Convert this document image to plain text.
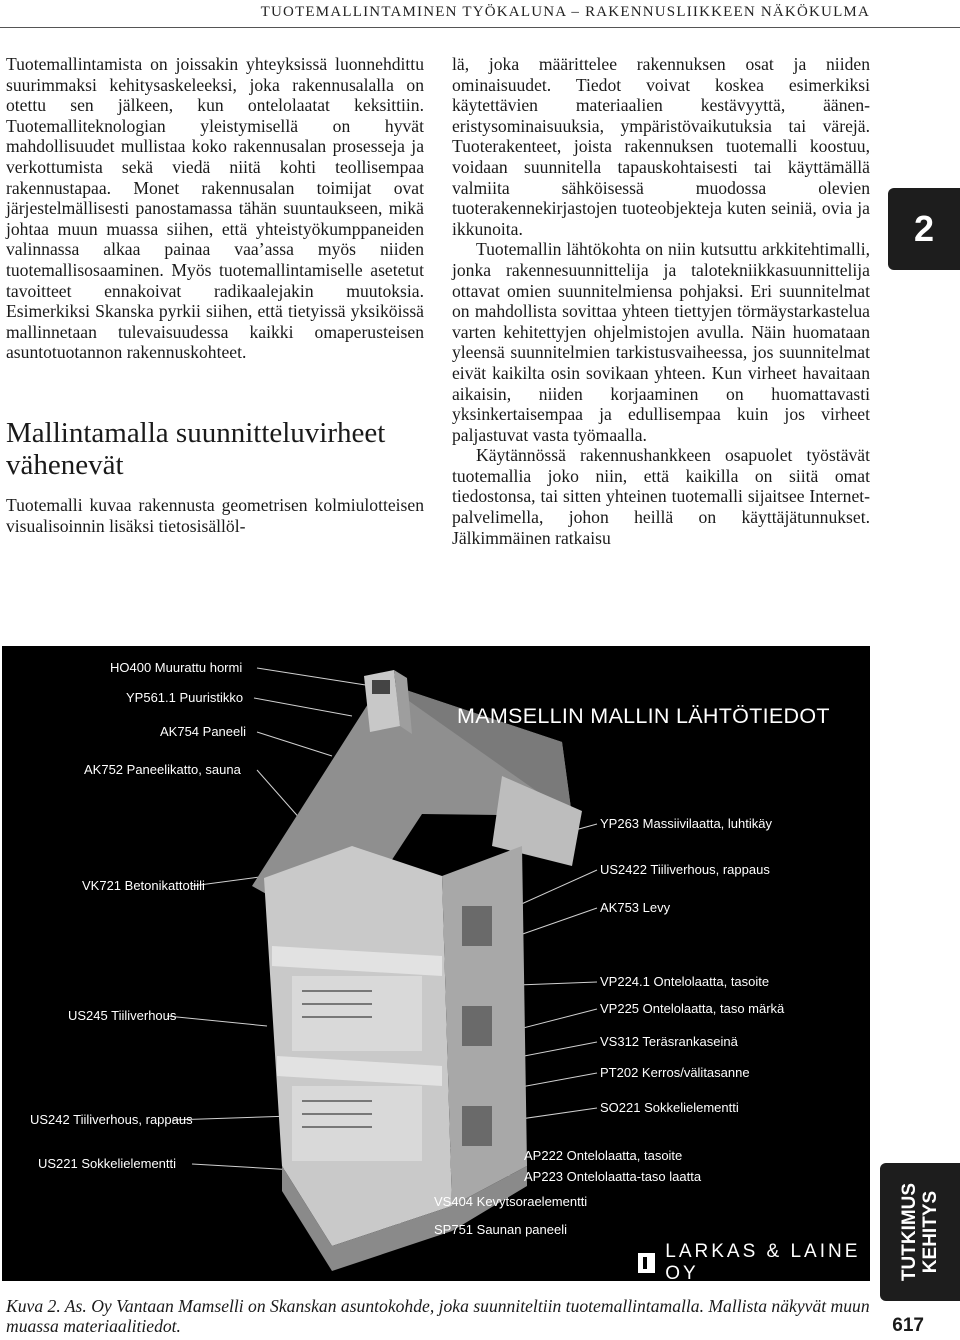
TUOTEMALLINTAMINEN TYÖKALUNA – RAKENNUSLIIKKEEN NÄKÖKULMA

Tuotemallintamista on joissakin yhteyksissä luonnehdittu suurimmaksi kehitysaskeleeksi, joka rakennusalalla on otettu sen jälkeen, kun ontelolaatat keksittiin. Tuotemalliteknologian yleistymisellä on hyvät mahdollisuudet mullistaa koko rakennusalan prosesseja ja verkottumista sekä viedä niitä kohti teollisempaa rakennustapaa. Monet rakennusalan toimijat ovat järjestelmällisesti panostamassa tähän suuntaukseen, mikä johtaa muun muassa siihen, että yhteistyökumppaneiden valinnassa alkaa painaa vaa’assa myös niiden tuotemallisosaaminen. Myös tuotemallintamiselle asetetut tavoitteet ennakoivat radikaalejakin muutoksia. Esimerkiksi Skanska pyrkii siihen, että tietyissä yksiköissä mallinnetaan tulevaisuudessa kaikki omaperusteisen asuntotuotannon rakennuskohteet.

Mallintamalla suunnitteluvirheet vähenevät

Tuotemalli kuvaa rakennusta geometrisen kolmiulotteisen visualisoinnin lisäksi tietosisällöl-

lä, joka määrittelee rakennuksen osat ja niiden ominaisuudet. Tiedot voivat koskea esimerkiksi käytettävien materiaalien kestävyyttä, äänen-eristysominaisuuksia, ympäristövaikutuksia tai värejä. Tuoterakenteet, joista rakennuksen tuotemalli koostuu, voidaan suunnitella tapauskohtaisesti tai käyttämällä valmiita sähköisessä muodossa olevien tuoterakennekirjastojen tuoteobjekteja kuten seiniä, ovia ja ikkunoita.

Tuotemallin lähtökohta on niin kutsuttu arkkitehtimalli, jonka rakennesuunnittelija ja talotekniikkasuunnittelija ottavat omien suunnitelmiensa pohjaksi. Eri suunnitelmat on mahdollista sovittaa yhteen tiettyjen törmäystarkastelua varten kehitettyjen ohjelmistojen avulla. Näin huomataan yleensä suunnitelmien tarkistusvaiheessa, jos suunnitelmat eivät kaikilta osin sovikaan yhteen. Kun virheet havaitaan aikaisin, niiden korjaaminen on huomattavasti yksinkertaisempaa ja edullisempaa kuin jos virheet paljastuvat vasta työmaalla.

Käytännössä rakennushankkeen osapuolet työstävät tuotemallia joko niin, että kaikilla on siitä omat tiedostonsa, tai sitten yhteinen tuotemalli sijaitsee Internet-palvelimella, johon heillä on käyttäjätunnukset. Jälkimmäinen ratkaisu

2
TUTKIMUS
KEHITYS
MAMSELLIN MALLIN LÄHTÖTIEDOT
HO400 Muurattu hormi
YP561.1 Puuristikko
AK754 Paneeli
AK752 Paneelikatto, sauna
VK721 Betonikattotiili
US245 Tiiliverhous
US242 Tiiliverhous, rappaus
US221 Sokkelielementti
YP263 Massiivilaatta, luhtikäy
US2422 Tiiliverhous, rappaus
AK753 Levy
VP224.1 Ontelolaatta, tasoite
VP225 Ontelolaatta, taso märkä
VS312 Teräsrankaseinä
PT202 Kerros/välitasanne
SO221 Sokkelielementti
AP222 Ontelolaatta, tasoite
AP223 Ontelolaatta-taso laatta
VS404 Kevytsoraelementti
SP751 Saunan paneeli
LARKAS & LAINE OY
Kuva 2. As. Oy Vantaan Mamselli on Skanskan asuntokohde, joka suunniteltiin tuotemallintamalla. Mallista näkyvät muun muassa materiaalitiedot.	617
